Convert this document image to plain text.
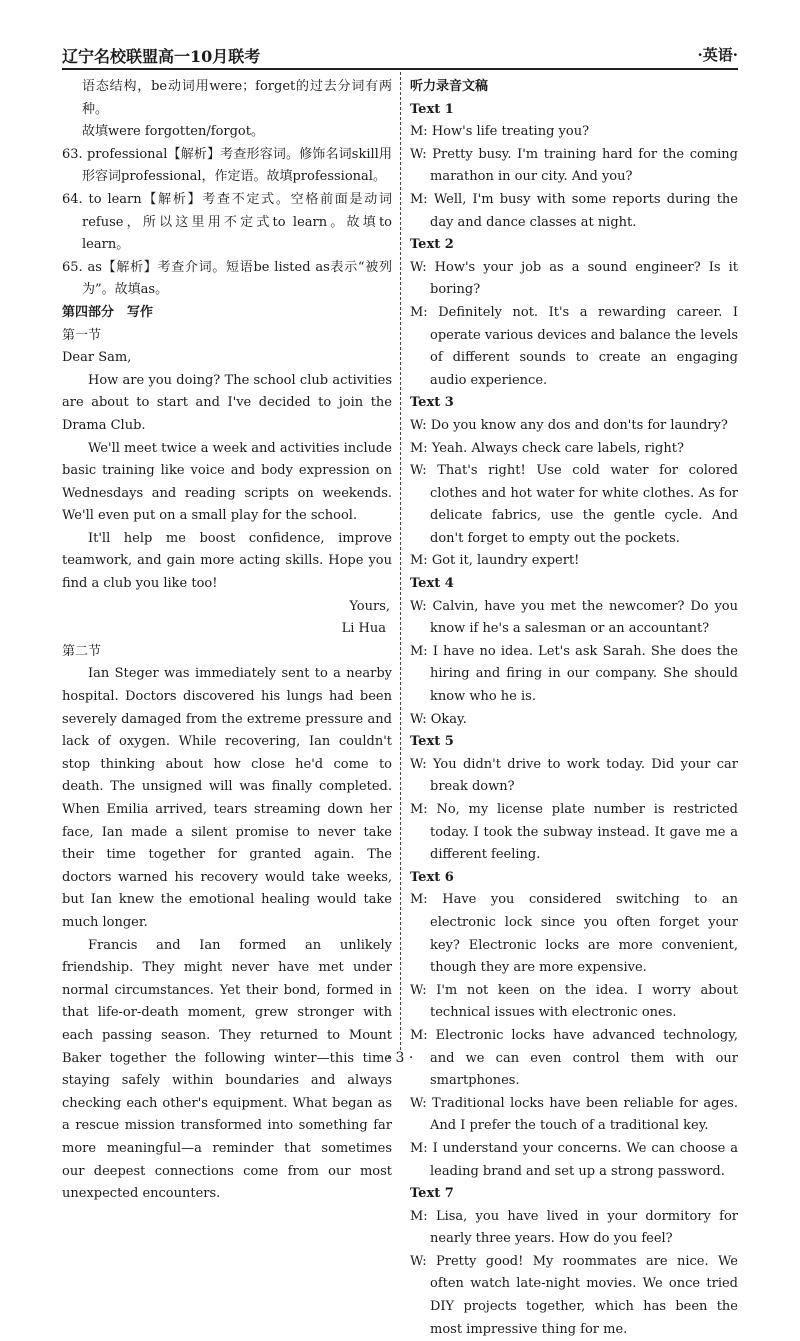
辽宁名校联盟高一10月联考	·英语·

语态结构，be动词用were；forget的过去分词有两种。

故填were forgotten/forgot。

63. professional【解析】考查形容词。修饰名词skill用形容词professional，作定语。故填professional。

64. to learn【解析】考查不定式。空格前面是动词refuse，所以这里用不定式to learn。故填to learn。

65. as【解析】考查介词。短语be listed as表示“被列为”。故填as。

第四部分　写作

第一节

Dear Sam,

How are you doing? The school club activities are about to start and I've decided to join the Drama Club.

We'll meet twice a week and activities include basic training like voice and body expression on Wednesdays and reading scripts on weekends. We'll even put on a small play for the school.

It'll help me boost confidence, improve teamwork, and gain more acting skills. Hope you find a club you like too!

Yours,

Li Hua

第二节

Ian Steger was immediately sent to a nearby hospital. Doctors discovered his lungs had been severely damaged from the extreme pressure and lack of oxygen. While recovering, Ian couldn't stop thinking about how close he'd come to death. The unsigned will was finally completed. When Emilia arrived, tears streaming down her face, Ian made a silent promise to never take their time together for granted again. The doctors warned his recovery would take weeks, but Ian knew the emotional healing would take much longer.

Francis and Ian formed an unlikely friendship. They might never have met under normal circumstances. Yet their bond, formed in that life-or-death moment, grew stronger with each passing season. They returned to Mount Baker together the following winter—this time staying safely within boundaries and always checking each other's equipment. What began as a rescue mission transformed into something far more meaningful—a reminder that sometimes our deepest connections come from our most unexpected encounters.

听力录音文稿

Text 1

M: How's life treating you?

W: Pretty busy. I'm training hard for the coming marathon in our city. And you?

M: Well, I'm busy with some reports during the day and dance classes at night.

Text 2

W: How's your job as a sound engineer? Is it boring?

M: Definitely not. It's a rewarding career. I operate various devices and balance the levels of different sounds to create an engaging audio experience.

Text 3

W: Do you know any dos and don'ts for laundry?

M: Yeah. Always check care labels, right?

W: That's right! Use cold water for colored clothes and hot water for white clothes. As for delicate fabrics, use the gentle cycle. And don't forget to empty out the pockets.

M: Got it, laundry expert!

Text 4

W: Calvin, have you met the newcomer? Do you know if he's a salesman or an accountant?

M: I have no idea. Let's ask Sarah. She does the hiring and firing in our company. She should know who he is.

W: Okay.

Text 5

W: You didn't drive to work today. Did your car break down?

M: No, my license plate number is restricted today. I took the subway instead. It gave me a different feeling.

Text 6

M: Have you considered switching to an electronic lock since you often forget your key? Electronic locks are more convenient, though they are more expensive.

W: I'm not keen on the idea. I worry about technical issues with electronic ones.

M: Electronic locks have advanced technology, and we can even control them with our smartphones.

W: Traditional locks have been reliable for ages. And I prefer the touch of a traditional key.

M: I understand your concerns. We can choose a leading brand and set up a strong password.

Text 7

M: Lisa, you have lived in your dormitory for nearly three years. How do you feel?

W: Pretty good! My roommates are nice. We often watch late-night movies. We once tried DIY projects together, which has been the most impressive thing for me.

· 3 ·
